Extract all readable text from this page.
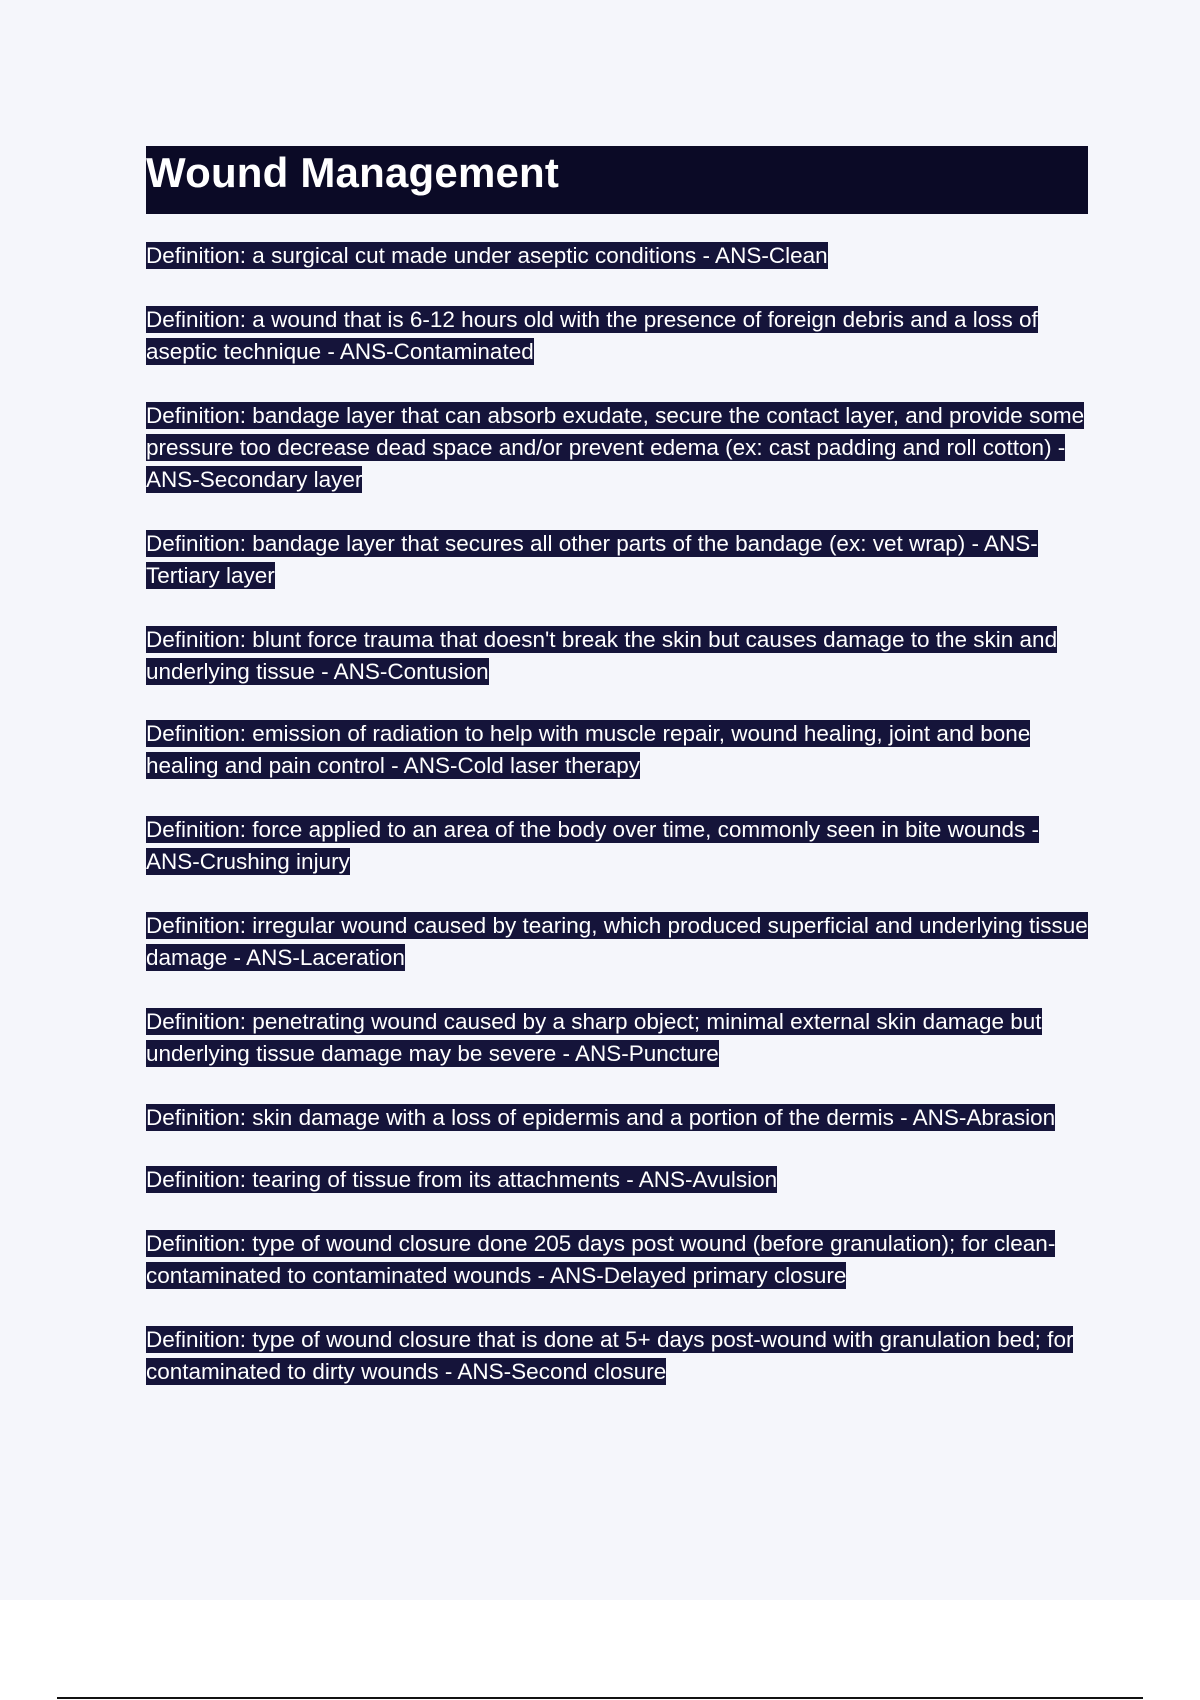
Wound Management
Definition: a surgical cut made under aseptic conditions - ANS-Clean
Definition: a wound that is 6-12 hours old with the presence of foreign debris and a loss of aseptic technique - ANS-Contaminated
Definition: bandage layer that can absorb exudate, secure the contact layer, and provide some pressure too decrease dead space and/or prevent edema (ex: cast padding and roll cotton) - ANS-Secondary layer
Definition: bandage layer that secures all other parts of the bandage (ex: vet wrap) - ANS-Tertiary layer
Definition: blunt force trauma that doesn't break the skin but causes damage to the skin and underlying tissue - ANS-Contusion
Definition: emission of radiation to help with muscle repair, wound healing, joint and bone healing and pain control - ANS-Cold laser therapy
Definition: force applied to an area of the body over time, commonly seen in bite wounds - ANS-Crushing injury
Definition: irregular wound caused by tearing, which produced superficial and underlying tissue damage - ANS-Laceration
Definition: penetrating wound caused by a sharp object; minimal external skin damage but underlying tissue damage may be severe - ANS-Puncture
Definition: skin damage with a loss of epidermis and a portion of the dermis - ANS-Abrasion
Definition: tearing of tissue from its attachments - ANS-Avulsion
Definition: type of wound closure done 205 days post wound (before granulation); for clean-contaminated to contaminated wounds - ANS-Delayed primary closure
Definition: type of wound closure that is done at 5+ days post-wound with granulation bed; for contaminated to dirty wounds - ANS-Second closure
